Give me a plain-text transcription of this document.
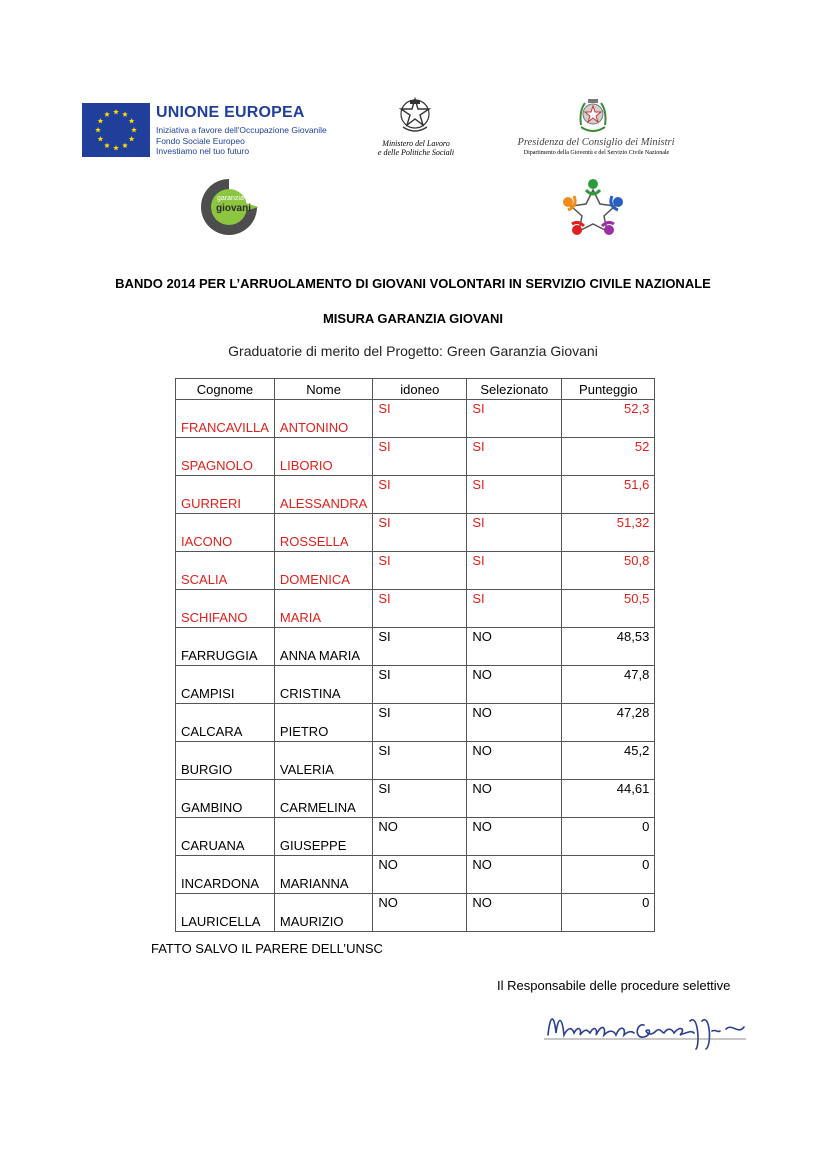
UNIONE EUROPEA
Iniziativa a favore dell'Occupazione Giovanile
Fondo Sociale Europeo
Investiamo nel tuo futuro
Ministero del Lavoro
e delle Politiche Sociali
Presidenza del Consiglio dei Ministri
Dipartimento della Gioventù e del Servizio Civile Nazionale
garanzia
giovani
BANDO 2014 PER L’ARRUOLAMENTO DI GIOVANI VOLONTARI IN SERVIZIO CIVILE NAZIONALE
MISURA GARANZIA GIOVANI
Graduatorie di merito del Progetto: Green Garanzia Giovani
Cognome	Nome	idoneo	Selezionato	Punteggio
FRANCAVILLA	ANTONINO	SI	SI	52,3
SPAGNOLO	LIBORIO	SI	SI	52
GURRERI	ALESSANDRA	SI	SI	51,6
IACONO	ROSSELLA	SI	SI	51,32
SCALIA	DOMENICA	SI	SI	50,8
SCHIFANO	MARIA	SI	SI	50,5
FARRUGGIA	ANNA MARIA	SI	NO	48,53
CAMPISI	CRISTINA	SI	NO	47,8
CALCARA	PIETRO	SI	NO	47,28
BURGIO	VALERIA	SI	NO	45,2
GAMBINO	CARMELINA	SI	NO	44,61
CARUANA	GIUSEPPE	NO	NO	0
INCARDONA	MARIANNA	NO	NO	0
LAURICELLA	MAURIZIO	NO	NO	0
FATTO SALVO IL PARERE DELL’UNSC
Il Responsabile delle procedure selettive
